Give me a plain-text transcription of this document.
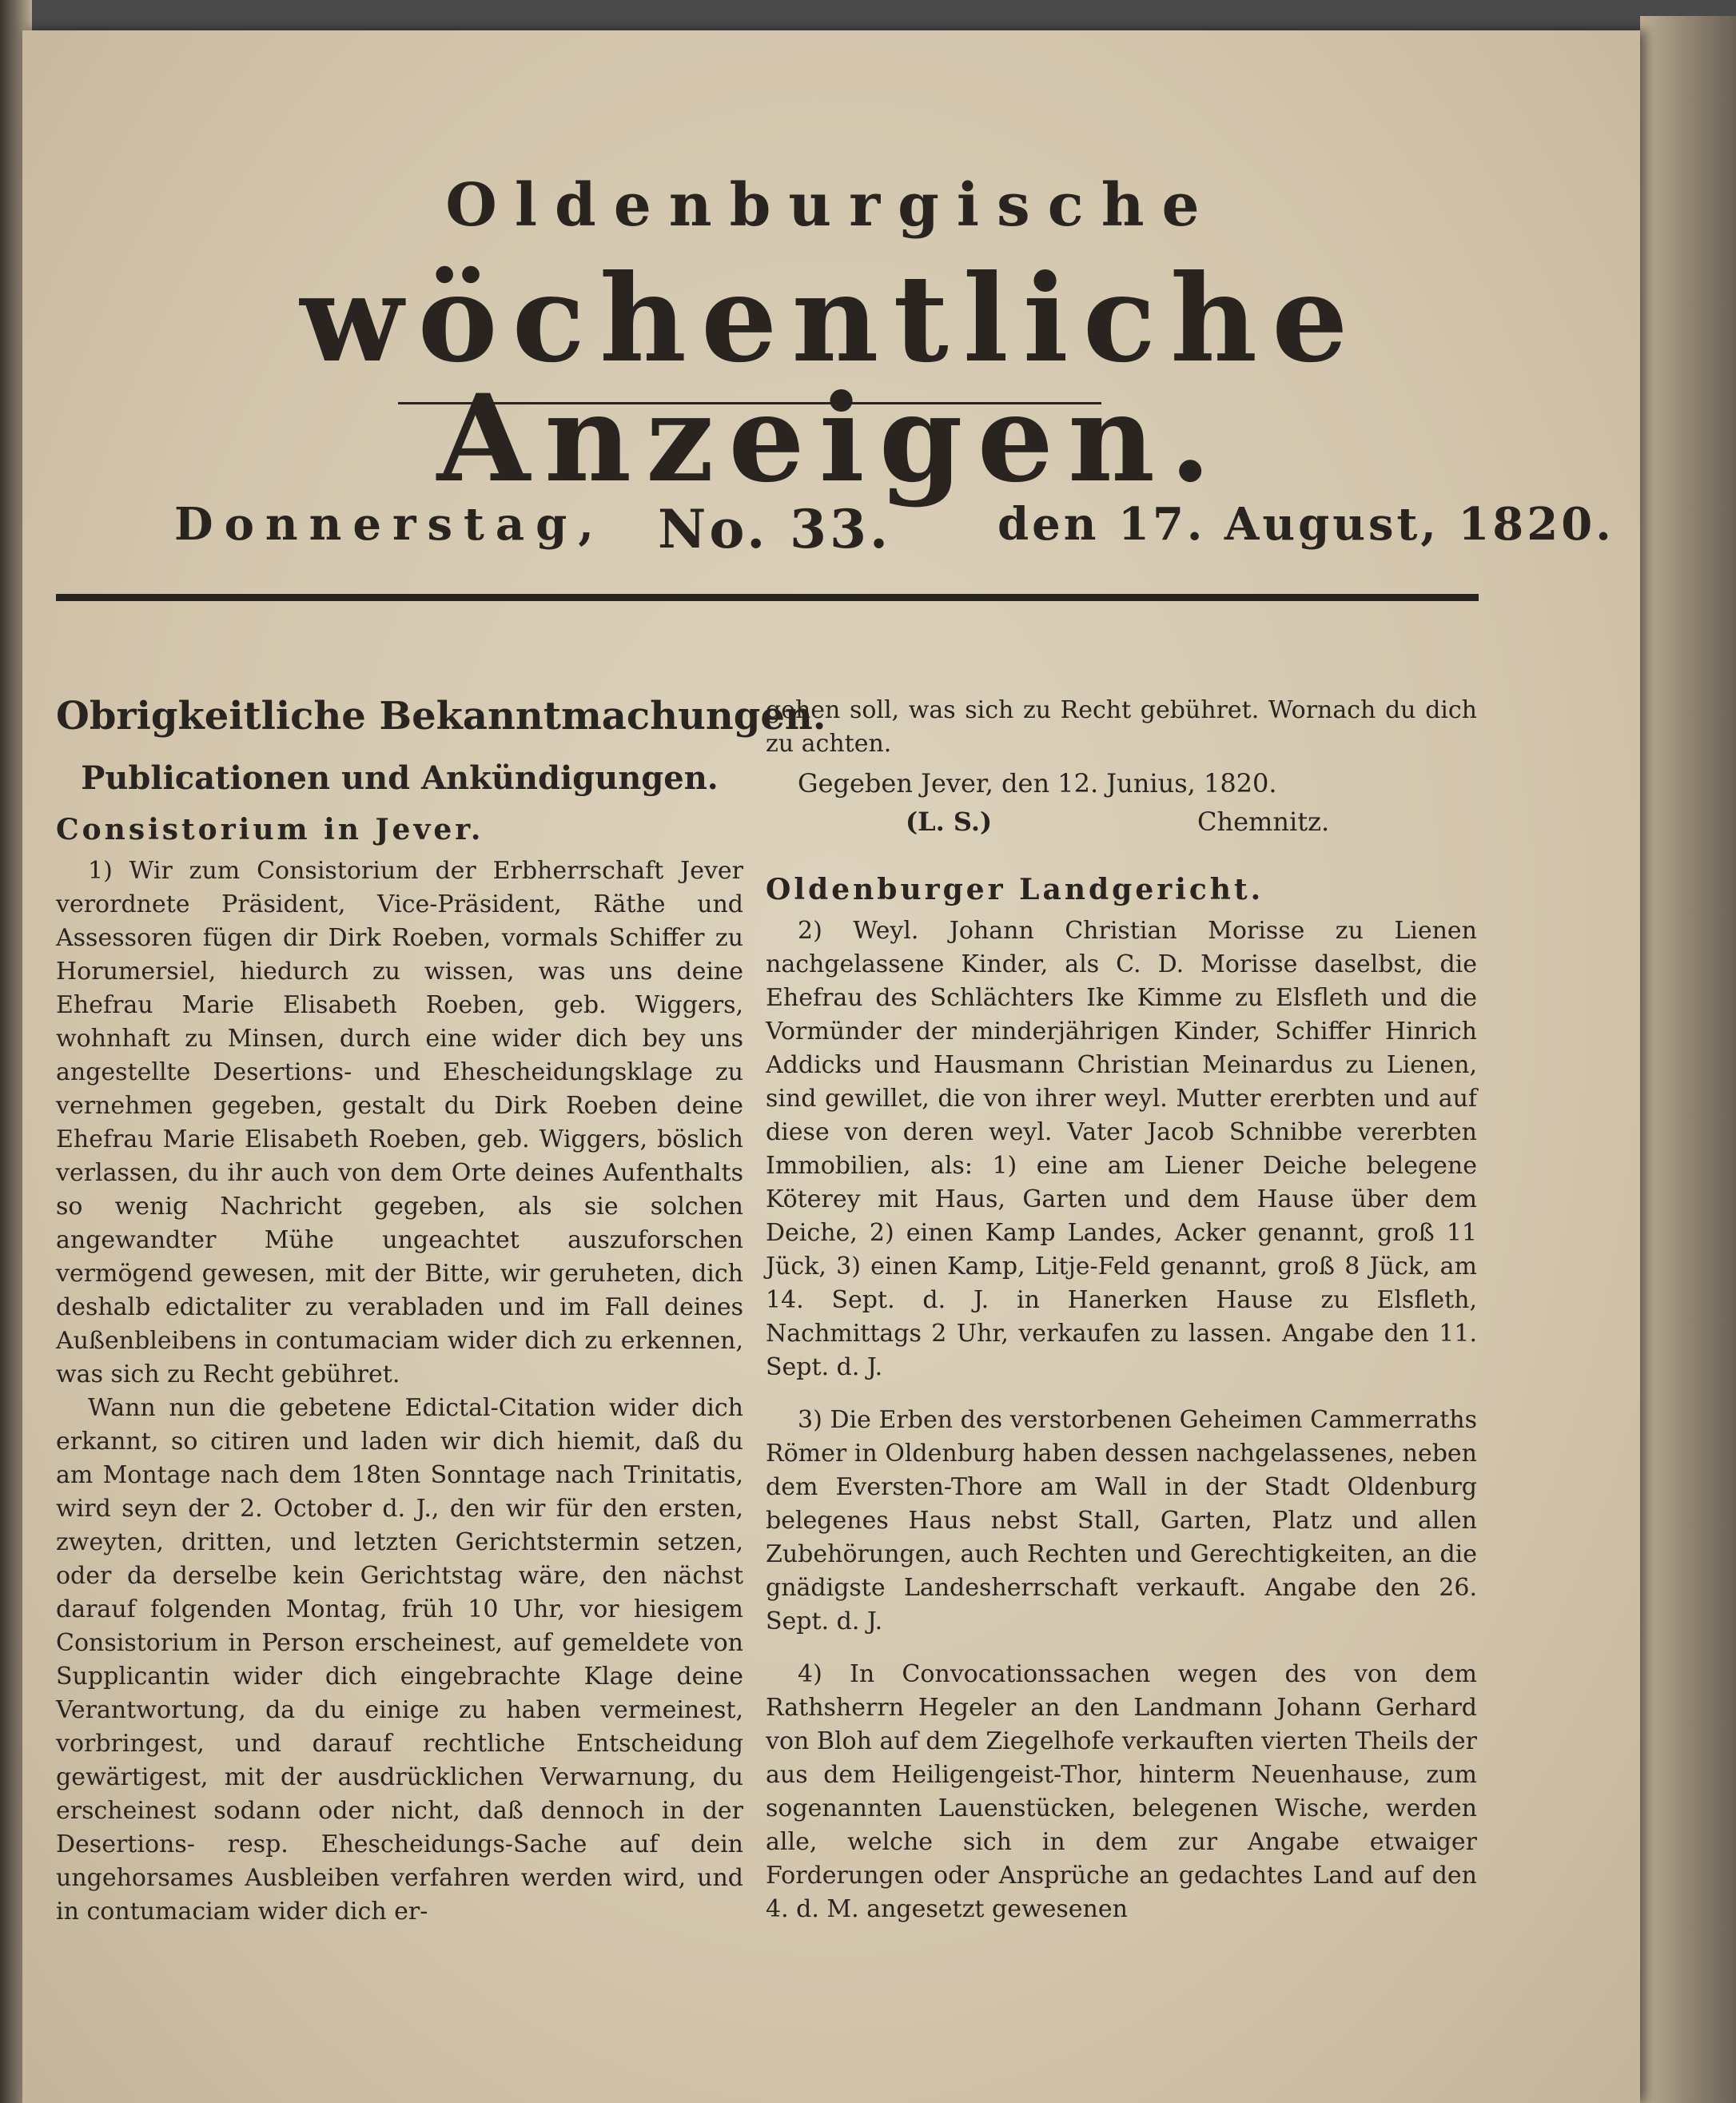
Oldenburgische
wöchentliche Anzeigen.
Donnerstag, No. 33. den 17. August, 1820.
Obrigkeitliche Bekanntmachungen.
Publicationen und Ankündigungen.
Consistorium in Jever.

1) Wir zum Consistorium der Erbherrschaft Jever verordnete Präsident, Vice-Präsident, Räthe und Assessoren fügen dir Dirk Roeben, vormals Schiffer zu Horumersiel, hiedurch zu wissen, was uns deine Ehefrau Marie Elisabeth Roeben, geb. Wiggers, wohnhaft zu Minsen, durch eine wider dich bey uns angestellte Desertions- und Ehescheidungsklage zu vernehmen gegeben, gestalt du Dirk Roeben deine Ehefrau Marie Elisabeth Roeben, geb. Wiggers, böslich verlassen, du ihr auch von dem Orte deines Aufenthalts so wenig Nachricht gegeben, als sie solchen angewandter Mühe ungeachtet auszuforschen vermögend gewesen, mit der Bitte, wir geruheten, dich deshalb edictaliter zu verabladen und im Fall deines Außenbleibens in contumaciam wider dich zu erkennen, was sich zu Recht gebühret.

Wann nun die gebetene Edictal-Citation wider dich erkannt, so citiren und laden wir dich hiemit, daß du am Montage nach dem 18ten Sonntage nach Trinitatis, wird seyn der 2. October d. J., den wir für den ersten, zweyten, dritten, und letzten Gerichtstermin setzen, oder da derselbe kein Gerichtstag wäre, den nächst darauf folgenden Montag, früh 10 Uhr, vor hiesigem Consistorium in Person erscheinest, auf gemeldete von Supplicantin wider dich eingebrachte Klage deine Verantwortung, da du einige zu haben vermeinest, vorbringest, und darauf rechtliche Entscheidung gewärtigest, mit der ausdrücklichen Verwarnung, du erscheinest sodann oder nicht, daß dennoch in der Desertions- resp. Ehescheidungs-Sache auf dein ungehorsames Ausbleiben verfahren werden wird, und in contumaciam wider dich er-

gehen soll, was sich zu Recht gebühret. Wornach du dich zu achten.

Gegeben Jever, den 12. Junius, 1820.
(L. S.)	Chemnitz.
Oldenburger Landgericht.

2) Weyl. Johann Christian Morisse zu Lienen nachgelassene Kinder, als C. D. Morisse daselbst, die Ehefrau des Schlächters Ike Kimme zu Elsfleth und die Vormünder der minderjährigen Kinder, Schiffer Hinrich Addicks und Hausmann Christian Meinardus zu Lienen, sind gewillet, die von ihrer weyl. Mutter ererbten und auf diese von deren weyl. Vater Jacob Schnibbe vererbten Immobilien, als: 1) eine am Liener Deiche belegene Köterey mit Haus, Garten und dem Hause über dem Deiche, 2) einen Kamp Landes, Acker genannt, groß 11 Jück, 3) einen Kamp, Litje-Feld genannt, groß 8 Jück, am 14. Sept. d. J. in Hanerken Hause zu Elsfleth, Nachmittags 2 Uhr, verkaufen zu lassen. Angabe den 11. Sept. d. J.

3) Die Erben des verstorbenen Geheimen Cammerraths Römer in Oldenburg haben dessen nachgelassenes, neben dem Eversten-Thore am Wall in der Stadt Oldenburg belegenes Haus nebst Stall, Garten, Platz und allen Zubehörungen, auch Rechten und Gerechtigkeiten, an die gnädigste Landesherrschaft verkauft. Angabe den 26. Sept. d. J.

4) In Convocationssachen wegen des von dem Rathsherrn Hegeler an den Landmann Johann Gerhard von Bloh auf dem Ziegelhofe verkauften vierten Theils der aus dem Heiligengeist-Thor, hinterm Neuenhause, zum sogenannten Lauenstücken, belegenen Wische, werden alle, welche sich in dem zur Angabe etwaiger Forderungen oder Ansprüche an gedachtes Land auf den 4. d. M. angesetzt gewesenen
